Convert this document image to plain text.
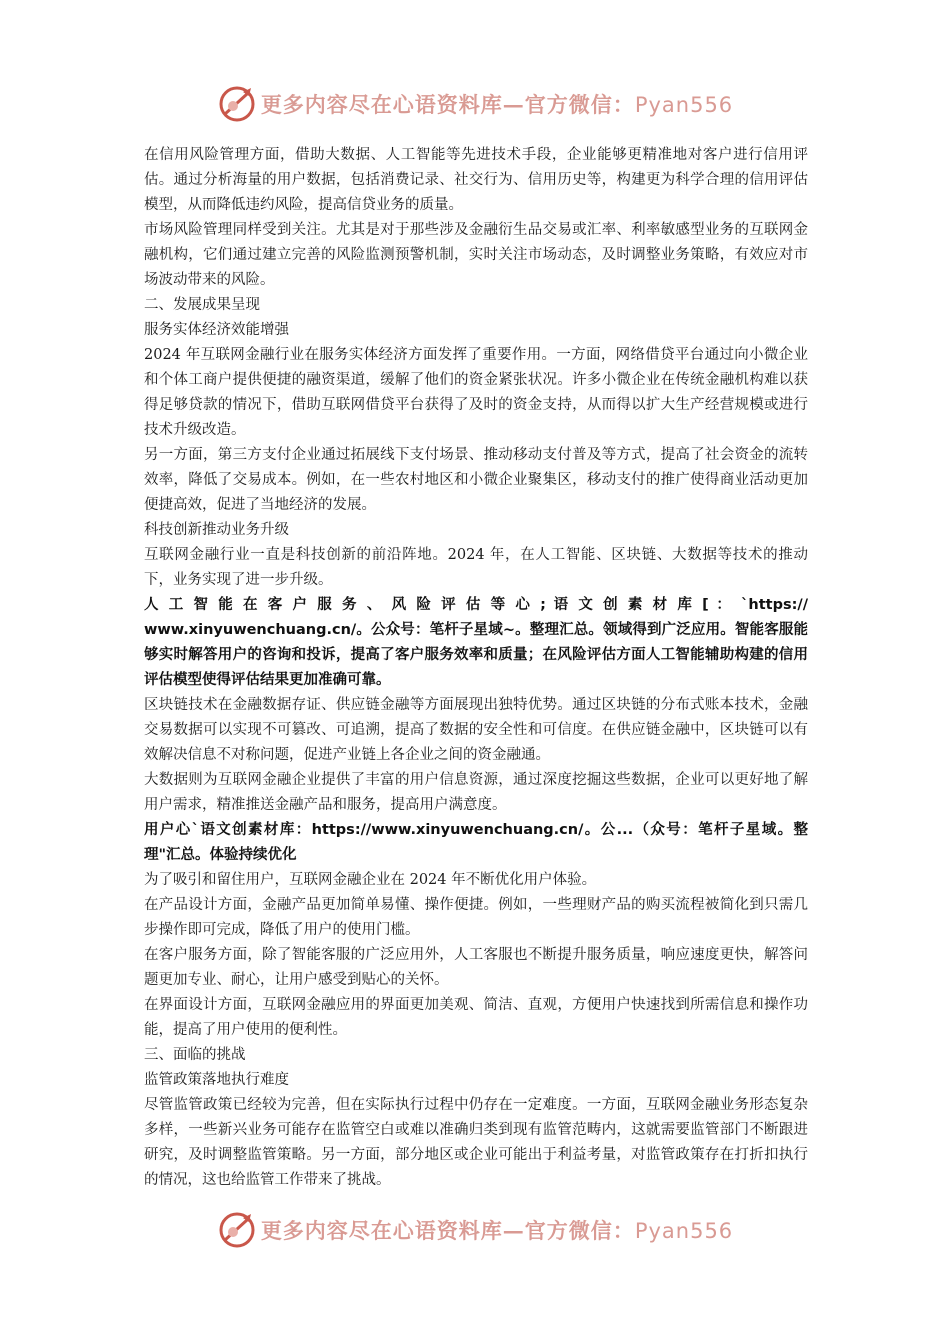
更多内容尽在心语资料库—官方微信：Pyan556

在信用风险管理方面，借助大数据、人工智能等先进技术手段，企业能够更精准地对客户进行信用评估。通过分析海量的用户数据，包括消费记录、社交行为、信用历史等，构建更为科学合理的信用评估模型，从而降低违约风险，提高信贷业务的质量。

市场风险管理同样受到关注。尤其是对于那些涉及金融衍生品交易或汇率、利率敏感型业务的互联网金融机构，它们通过建立完善的风险监测预警机制，实时关注市场动态，及时调整业务策略，有效应对市场波动带来的风险。

二、发展成果呈现

服务实体经济效能增强

2024 年互联网金融行业在服务实体经济方面发挥了重要作用。一方面，网络借贷平台通过向小微企业和个体工商户提供便捷的融资渠道，缓解了他们的资金紧张状况。许多小微企业在传统金融机构难以获得足够贷款的情况下，借助互联网借贷平台获得了及时的资金支持，从而得以扩大生产经营规模或进行技术升级改造。

另一方面，第三方支付企业通过拓展线下支付场景、推动移动支付普及等方式，提高了社会资金的流转效率，降低了交易成本。例如，在一些农村地区和小微企业聚集区，移动支付的推广使得商业活动更加便捷高效，促进了当地经济的发展。

科技创新推动业务升级

互联网金融行业一直是科技创新的前沿阵地。2024 年，在人工智能、区块链、大数据等技术的推动下，业务实现了进一步升级。

人 工 智 能 在 客 户 服 务 、 风 险 评 估 等 心 ; 语 文 创 素 材 库 [ ： `https://

www.xinyuwenchuang.cn/。公众号：笔杆子星域~。整理汇总。领域得到广泛应用。智能客服能够实时解答用户的咨询和投诉，提高了客户服务效率和质量；在风险评估方面人工智能辅助构建的信用评估模型使得评估结果更加准确可靠。

区块链技术在金融数据存证、供应链金融等方面展现出独特优势。通过区块链的分布式账本技术，金融交易数据可以实现不可篡改、可追溯，提高了数据的安全性和可信度。在供应链金融中，区块链可以有效解决信息不对称问题，促进产业链上各企业之间的资金融通。

大数据则为互联网金融企业提供了丰富的用户信息资源，通过深度挖掘这些数据，企业可以更好地了解用户需求，精准推送金融产品和服务，提高用户满意度。

用户心`语文创素材库：https://www.xinyuwenchuang.cn/。公...（众号：笔杆子星域。整理"汇总。体验持续优化

为了吸引和留住用户，互联网金融企业在 2024 年不断优化用户体验。

在产品设计方面，金融产品更加简单易懂、操作便捷。例如，一些理财产品的购买流程被简化到只需几步操作即可完成，降低了用户的使用门槛。

在客户服务方面，除了智能客服的广泛应用外，人工客服也不断提升服务质量，响应速度更快，解答问题更加专业、耐心，让用户感受到贴心的关怀。

在界面设计方面，互联网金融应用的界面更加美观、简洁、直观，方便用户快速找到所需信息和操作功能，提高了用户使用的便利性。

三、面临的挑战

监管政策落地执行难度

尽管监管政策已经较为完善，但在实际执行过程中仍存在一定难度。一方面，互联网金融业务形态复杂多样，一些新兴业务可能存在监管空白或难以准确归类到现有监管范畴内，这就需要监管部门不断跟进研究，及时调整监管策略。另一方面，部分地区或企业可能出于利益考量，对监管政策存在打折扣执行的情况，这也给监管工作带来了挑战。

更多内容尽在心语资料库—官方微信：Pyan556
